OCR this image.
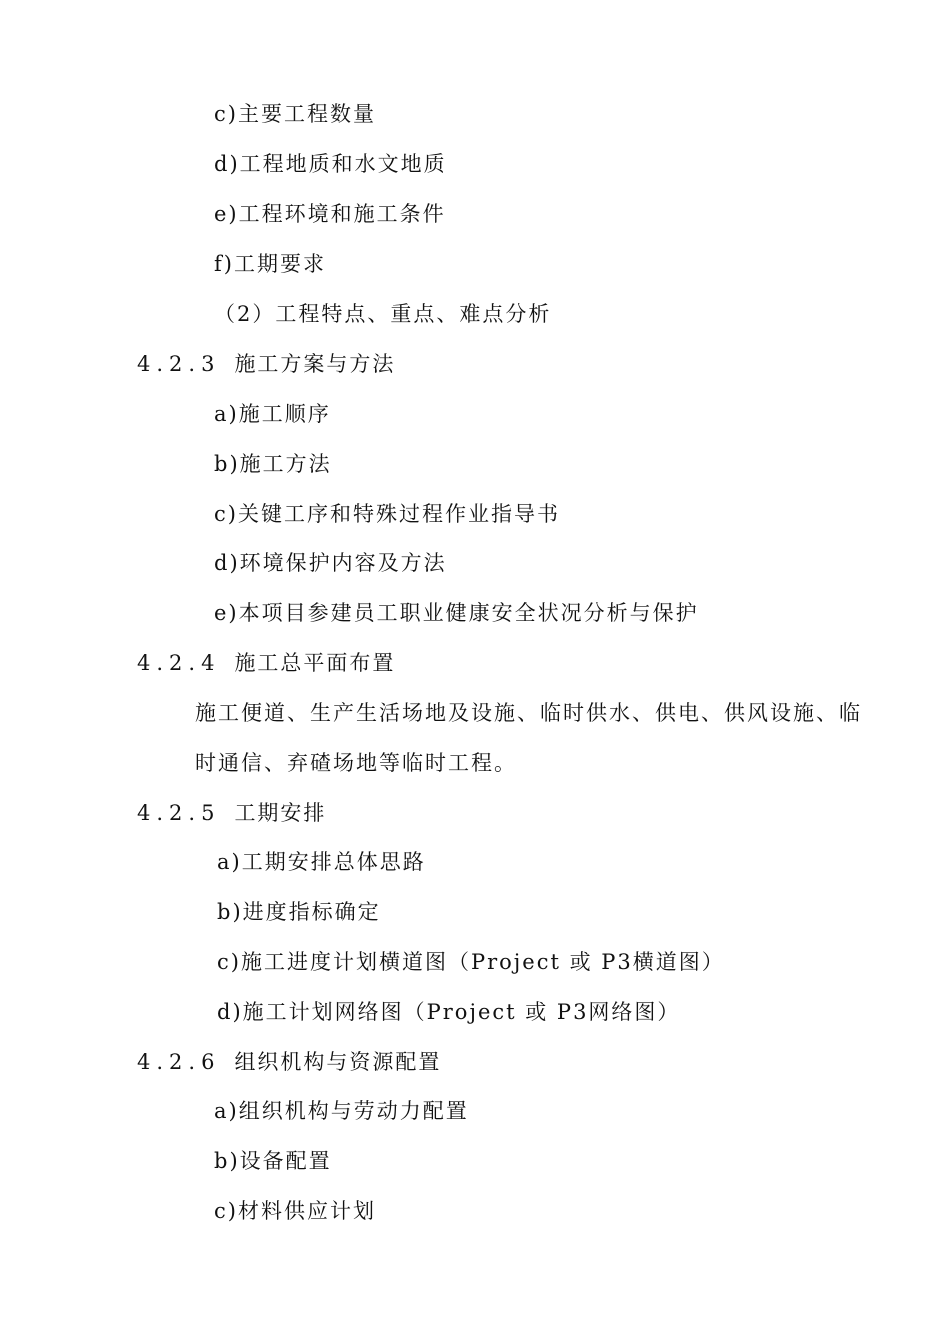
c)主要工程数量
d)工程地质和水文地质
e)工程环境和施工条件
f)工期要求
（2）工程特点、重点、难点分析
4.2.3 施工方案与方法
a)施工顺序
b)施工方法
c)关键工序和特殊过程作业指导书
d)环境保护内容及方法
e)本项目参建员工职业健康安全状况分析与保护
4.2.4 施工总平面布置
施工便道、生产生活场地及设施、临时供水、供电、供风设施、临
时通信、弃碴场地等临时工程。
4.2.5 工期安排
a)工期安排总体思路
b)进度指标确定
c)施工进度计划横道图（Project 或 P3横道图）
d)施工计划网络图（Project 或 P3网络图）
4.2.6 组织机构与资源配置
a)组织机构与劳动力配置
b)设备配置
c)材料供应计划
